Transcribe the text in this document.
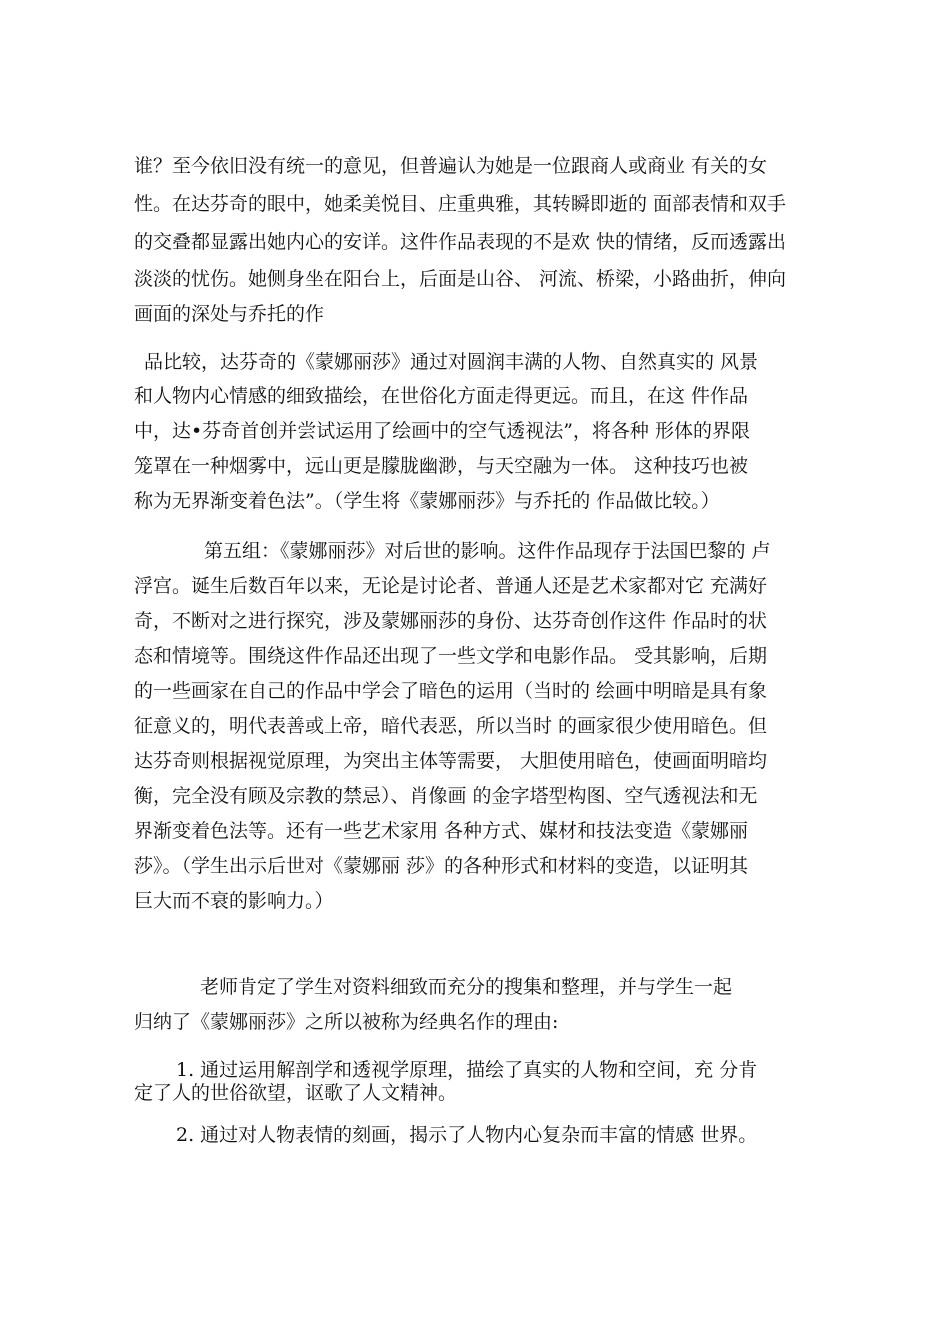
谁？至今依旧没有统一的意见，但普遍认为她是一位跟商人或商业 有关的女
性。在达芬奇的眼中，她柔美悦目、庄重典雅，其转瞬即逝的 面部表情和双手
的交叠都显露出她内心的安详。这件作品表现的不是欢 快的情绪，反而透露出
淡淡的忧伤。她侧身坐在阳台上，后面是山谷、 河流、桥梁，小路曲折，伸向
画面的深处与乔托的作
品比较，达芬奇的《蒙娜丽莎》通过对圆润丰满的人物、自然真实的 风景
和人物内心情感的细致描绘，在世俗化方面走得更远。而且，在这 件作品
中，达•芬奇首创并尝试运用了绘画中的空气透视法”，将各种 形体的界限
笼罩在一种烟雾中，远山更是朦胧幽渺，与天空融为一体。 这种技巧也被
称为无界渐变着色法”。（学生将《蒙娜丽莎》与乔托的 作品做比较。）
第五组：《蒙娜丽莎》对后世的影响。这件作品现存于法国巴黎的 卢
浮宫。诞生后数百年以来，无论是讨论者、普通人还是艺术家都对它 充满好
奇，不断对之进行探究，涉及蒙娜丽莎的身份、达芬奇创作这件 作品时的状
态和情境等。围绕这件作品还出现了一些文学和电影作品。 受其影响，后期
的一些画家在自己的作品中学会了暗色的运用（当时的 绘画中明暗是具有象
征意义的，明代表善或上帝，暗代表恶，所以当时 的画家很少使用暗色。但
达芬奇则根据视觉原理，为突出主体等需要， 大胆使用暗色，使画面明暗均
衡，完全没有顾及宗教的禁忌）、肖像画 的金字塔型构图、空气透视法和无
界渐变着色法等。还有一些艺术家用 各种方式、媒材和技法变造《蒙娜丽
莎》。（学生出示后世对《蒙娜丽 莎》的各种形式和材料的变造，以证明其
巨大而不衰的影响力。）
老师肯定了学生对资料细致而充分的搜集和整理，并与学生一起
归纳了《蒙娜丽莎》之所以被称为经典名作的理由:
1. 通过运用解剖学和透视学原理，描绘了真实的人物和空间，充 分肯
定了人的世俗欲望，讴歌了人文精神。
2. 通过对人物表情的刻画，揭示了人物内心复杂而丰富的情感 世界。
